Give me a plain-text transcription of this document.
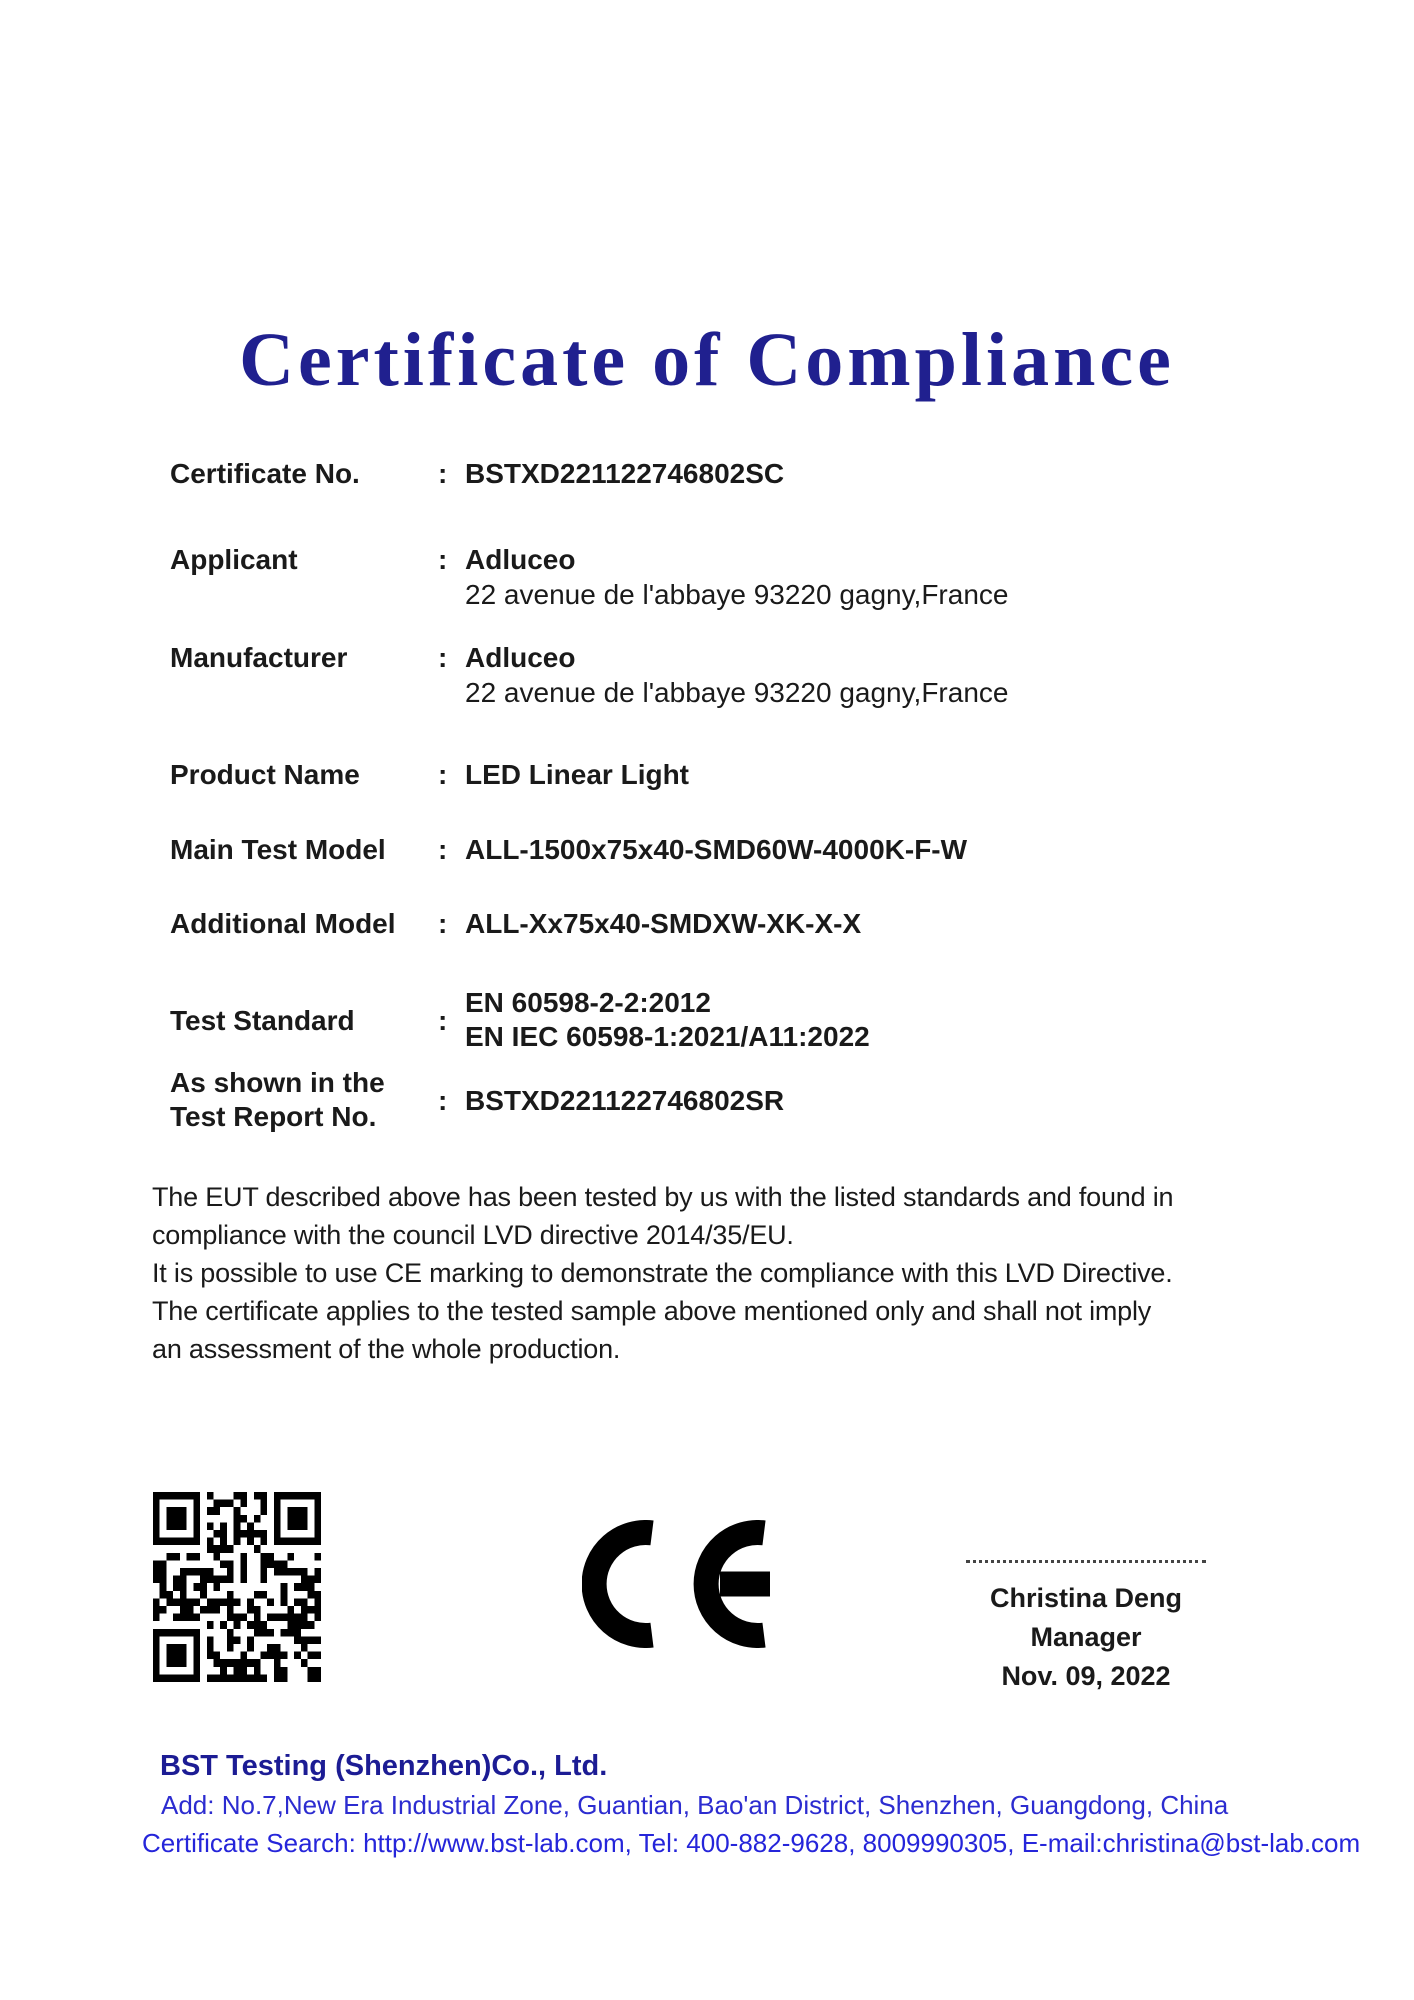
Certificate of Compliance
Certificate No.	: BSTXD221122746802SC
Applicant	: Adluceo
22 avenue de l'abbaye 93220 gagny,France
Manufacturer	: Adluceo
22 avenue de l'abbaye 93220 gagny,France
Product Name	: LED Linear Light
Main Test Model	: ALL-1500x75x40-SMD60W-4000K-F-W
Additional Model	: ALL-Xx75x40-SMDXW-XK-X-X
Test Standard	:
EN 60598-2-2:2012
EN IEC 60598-1:2021/A11:2022
As shown in the
Test Report No.
: BSTXD221122746802SR
The EUT described above has been tested by us with the listed standards and found in
compliance with the council LVD directive 2014/35/EU.
It is possible to use CE marking to demonstrate the compliance with this LVD Directive.
The certificate applies to the tested sample above mentioned only and shall not imply
an assessment of the whole production.
Christina Deng
Manager
Nov. 09, 2022
BST Testing (Shenzhen)Co., Ltd.
Add: No.7,New Era Industrial Zone, Guantian, Bao'an District, Shenzhen, Guangdong, China
Certificate Search: http://www.bst-lab.com, Tel: 400-882-9628, 8009990305, E-mail:christina@bst-lab.com
